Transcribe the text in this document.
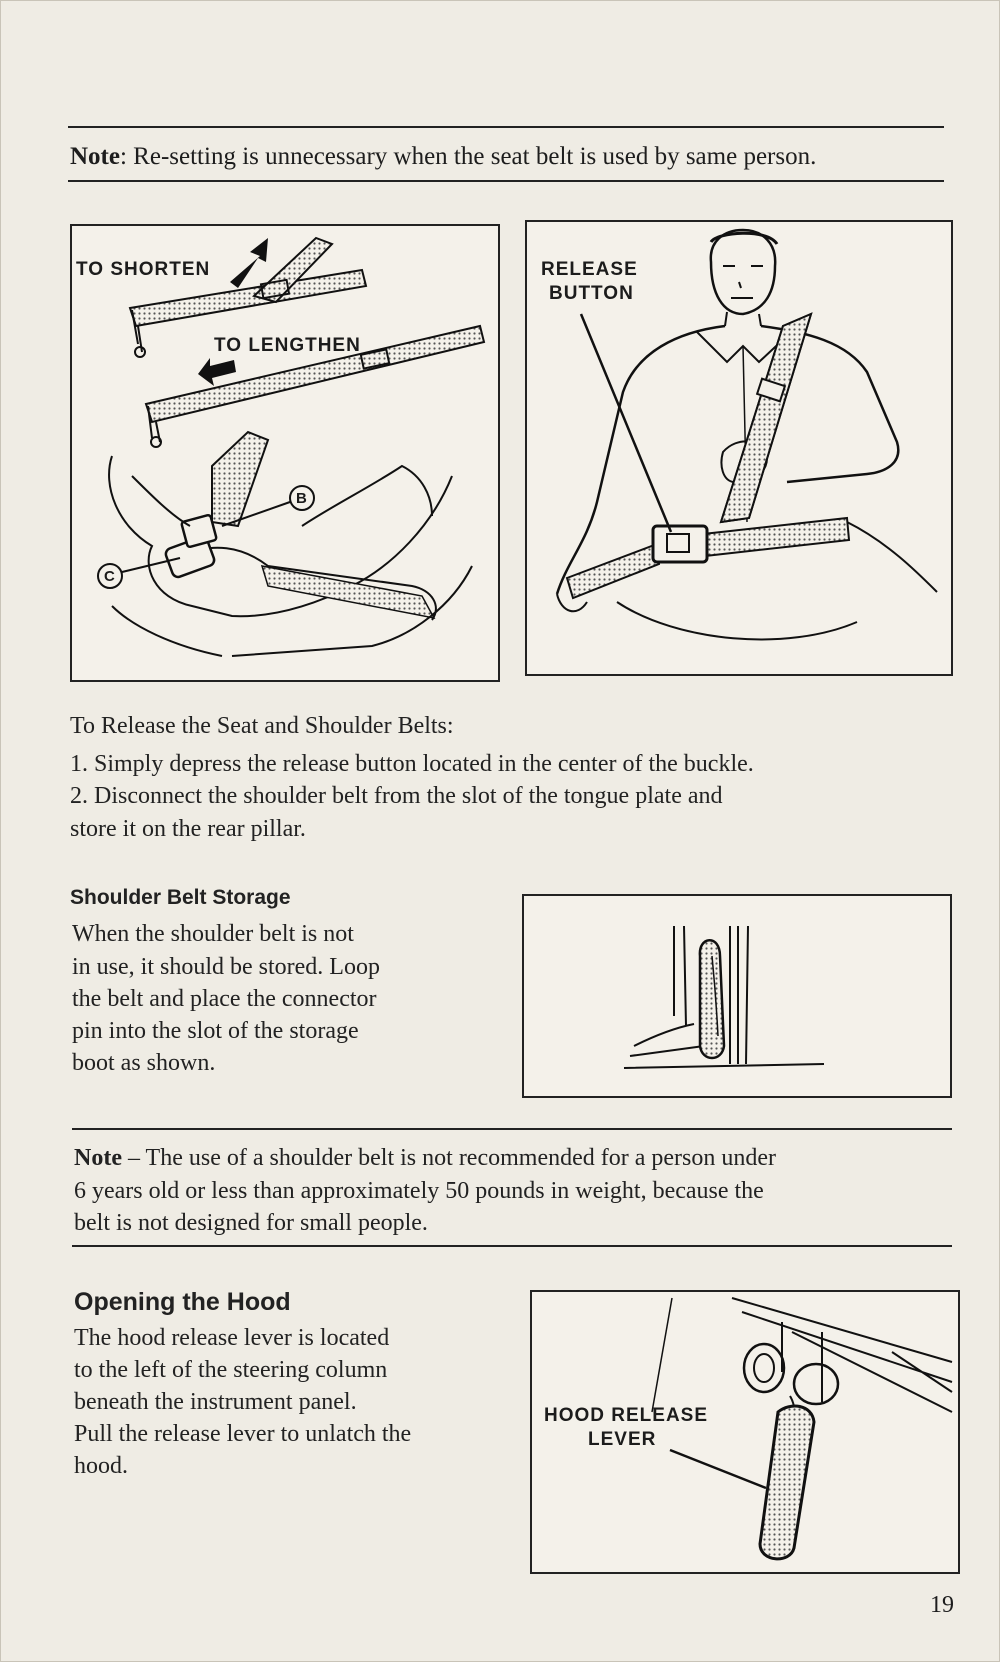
Note: Re-setting is unnecessary when the seat belt is used by same person.
TO SHORTEN
TO LENGTHEN
B
C
RELEASE
BUTTON
To Release the Seat and Shoulder Belts:
1. Simply depress the release button located in the center of the buckle.
2. Disconnect the shoulder belt from the slot of the tongue plate and
store it on the rear pillar.
Shoulder Belt Storage
When the shoulder belt is not
in use, it should be stored. Loop
the belt and place the connector
pin into the slot of the storage
boot as shown.
Note – The use of a shoulder belt is not recommended for a person under
6 years old or less than approximately 50 pounds in weight, because the
belt is not designed for small people.
Opening the Hood
The hood release lever is located
to the left of the steering column
beneath the instrument panel.
Pull the release lever to unlatch the
hood.
HOOD RELEASE
LEVER
19
